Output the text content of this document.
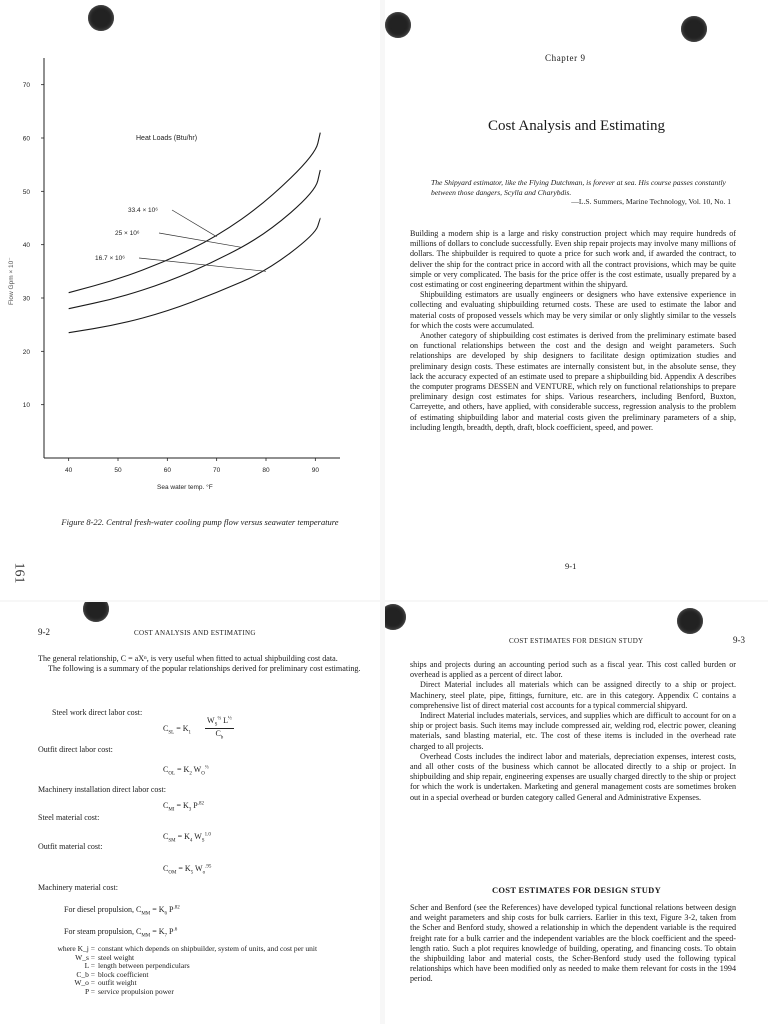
10
20
30
40
50
60
70
40	50	60	70	80	90
33.4 × 10⁶
25 × 10⁶
16.7 × 10⁶
Heat Loads (Btu/hr)
Sea water temp. °F
Flow Gpm × 10⁻
Figure 8-22. Central fresh-water cooling pump flow versus seawater temperature
161
Chapter 9
Cost Analysis and Estimating

The Shipyard estimator, like the Flying Dutchman, is forever at sea. His course passes constantly between those dangers, Scylla and Charybdis.

—L.S. Summers, Marine Technology, Vol. 10, No. 1

Building a modern ship is a large and risky construction project which may require hundreds of millions of dollars to conclude successfully. Even ship repair projects may involve many millions of dollars. The shipbuilder is required to quote a price for such work and, if awarded the contract, to deliver the ship for the contract price in accord with all the contract provisions, which may be quite simple or very complicated. The basis for the price offer is the cost estimate, usually prepared by a cost estimating or cost engineering department within the shipyard.

Shipbuilding estimators are usually engineers or designers who have extensive experience in collecting and evaluating shipbuilding returned costs. These are used to estimate the labor and material costs of proposed vessels which may be very similar or only slightly similar to the vessels for which the costs were accumulated.

Another category of shipbuilding cost estimates is derived from the preliminary estimate based on functional relationships between the cost and the design and weight parameters. Such relationships are developed by ship designers to facilitate design optimization studies and preliminary design costs. These estimates are internally consistent but, in the absolute sense, they lack the accuracy expected of an estimate used to prepare a shipbuilding bid. Appendix A describes the computer programs DESSEN and VENTURE, which rely on functional relationships to prepare preliminary design cost estimates for ships. Various researchers, including Benford, Buxton, Carreyette, and others, have applied, with considerable success, regression analysis to the problem of estimating shipbuilding labor and material costs given the preliminary parameters of a ship, including length, breadth, depth, draft, block coefficient, speed, and power.

9-1
9-2	COST ANALYSIS AND ESTIMATING

The general relationship, C = aXⁿ, is very useful when fitted to actual shipbuilding cost data.

The following is a summary of the popular relationships derived for preliminary cost estimating.

Steel work direct labor cost:
$C_{SL} = K_1$
$W_S^{\frac{2}{3}}$ $L^{\frac{1}{2}}$
$C_b$
Outfit direct labor cost:
$C_{OL} = K_2$ $W_O^{\frac{2}{3}}$
Machinery installation direct labor cost:
$C_{MI} = K_3$ $P^{.82}$
Steel material cost:
$C_{SM} = K_4$ $W_S^{1.0}$
Outfit material cost:
$C_{OM} = K_5$ $W_o^{.95}$
Machinery material cost:
For diesel propulsion, $C_{MM} = K_6$ $P^{.82}$
For steam propulsion, $C_{MM} = K_7$ $P^{.6}$
where K_j = constant which depends on shipbuilder, system of units, and cost per unit
W_s = steel weight
L = length between perpendiculars
C_b = block coefficient
W_o = outfit weight
P = service propulsion power
COST ESTIMATES FOR DESIGN STUDY	9-3

ships and projects during an accounting period such as a fiscal year. This cost called burden or overhead is applied as a percent of direct labor.

Direct Material includes all materials which can be assigned directly to a ship or project. Machinery, steel plate, pipe, fittings, furniture, etc. are in this category. Appendix C contains a comprehensive list of direct material cost accounts for a typical commercial shipyard.

Indirect Material includes materials, services, and supplies which are difficult to account for on a ship or project basis. Such items may include compressed air, welding rod, electric power, cleaning materials, sand blasting material, etc. The cost of these items is included in the overhead rate charged to all projects.

Overhead Costs includes the indirect labor and materials, depreciation expenses, interest costs, and all other costs of the business which cannot be allocated directly to a ship or project. In shipbuilding and ship repair, engineering expenses are usually charged directly to the ship or project for which the work is undertaken. Marketing and general management costs are sometimes broken out in a special overhead or burden category called General and Administrative Expenses.

COST ESTIMATES FOR DESIGN STUDY
Scher and Benford (see the References) have developed typical functional relations between design and weight parameters and ship costs for bulk carriers. Earlier in this text, Figure 3-2, taken from the Scher and Benford study, showed a relationship in which the dependent variable is the required freight rate for a bulk carrier and the independent variables are the block coefficient and the speed-length ratio. Such a plot requires knowledge of building, operating, and financing costs. To obtain the shipbuilding labor and material costs, the Scher-Benford study used the following typical relationships which have been modified only as needed to make them relevant for costs in the 1994 period.
